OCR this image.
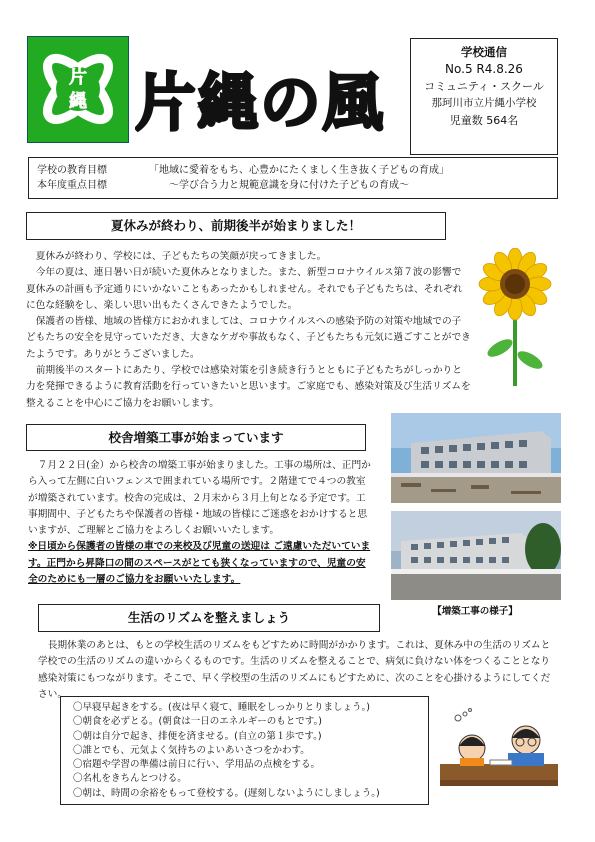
片
縄 片縄の風
学校通信
No.5 R4.8.26
コミュニティ・スクール
那珂川市立片縄小学校
児童数 564名
学校の教育目標	「地域に愛着をもち、心豊かにたくましく生き抜く子どもの育成」
本年度重点目標	〜学び合う力と規範意識を身に付けた子どもの育成〜
夏休みが終わり、前期後半が始まりました！

夏休みが終わり、学校には、子どもたちの笑顔が戻ってきました。

今年の夏は、連日暑い日が続いた夏休みとなりました。また、新型コロナウイルス第７波の影響で夏休みの計画も予定通りにいかないこともあったかもしれません。それでも子どもたちは、それぞれに色な経験をし、楽しい思い出もたくさんできたようでした。

保護者の皆様、地域の皆様方におかれましては、コロナウイルスへの感染予防の対策や地域での子どもたちの安全を見守っていただき、大きなケガや事故もなく、子どもたちも元気に過ごすことができたようです。ありがとうございました。

前期後半のスタートにあたり、学校では感染対策を引き続き行うとともに子どもたちがしっかりと力を発揮できるように教育活動を行っていきたいと思います。ご家庭でも、感染対策及び生活リズムを整えることを中心にご協力をお願いします。

校舎増築工事が始まっています

７月２２日(金）から校舎の増築工事が始まりました。工事の場所は、正門から入って左側に白いフェンスで囲まれている場所です。２階建てで４つの教室が増築されています。校舎の完成は、２月末から３月上旬となる予定です。工事期間中、子どもたちや保護者の皆様・地域の皆様にご迷惑をおかけすると思いますが、ご理解とご協力をよろしくお願いいたします。

※日頃から保護者の皆様の車での来校及び児童の送迎は ご遠慮いただいています。正門から昇降口の間のスペースがとても狭くなっていますので、児童の安全のためにも一層のご協力をお願いいたします。

【増築工事の様子】
生活のリズムを整えましょう
長期休業のあとは、もとの学校生活のリズムをもどすために時間がかかります。これは、夏休み中の生活のリズムと学校での生活のリズムの違いからくるものです。生活のリズムを整えることで、病気に負けない体をつくることとなり感染対策にもつながります。そこで、早く学校型の生活のリズムにもどすために、次のことを心掛けるようにしてください。
〇早寝早起きをする。(夜は早く寝て、睡眠をしっかりとりましょう。)
〇朝食を必ずとる。(朝食は一日のエネルギーのもとです。)
〇朝は自分で起き、排便を済ませる。(自立の第１歩です。)
〇誰とでも、元気よく気持ちのよいあいさつをかわす。
〇宿題や学習の準備は前日に行い、学用品の点検をする。
〇名札をきちんとつける。
〇朝は、時間の余裕をもって登校する。(遅刻しないようにしましょう。)
